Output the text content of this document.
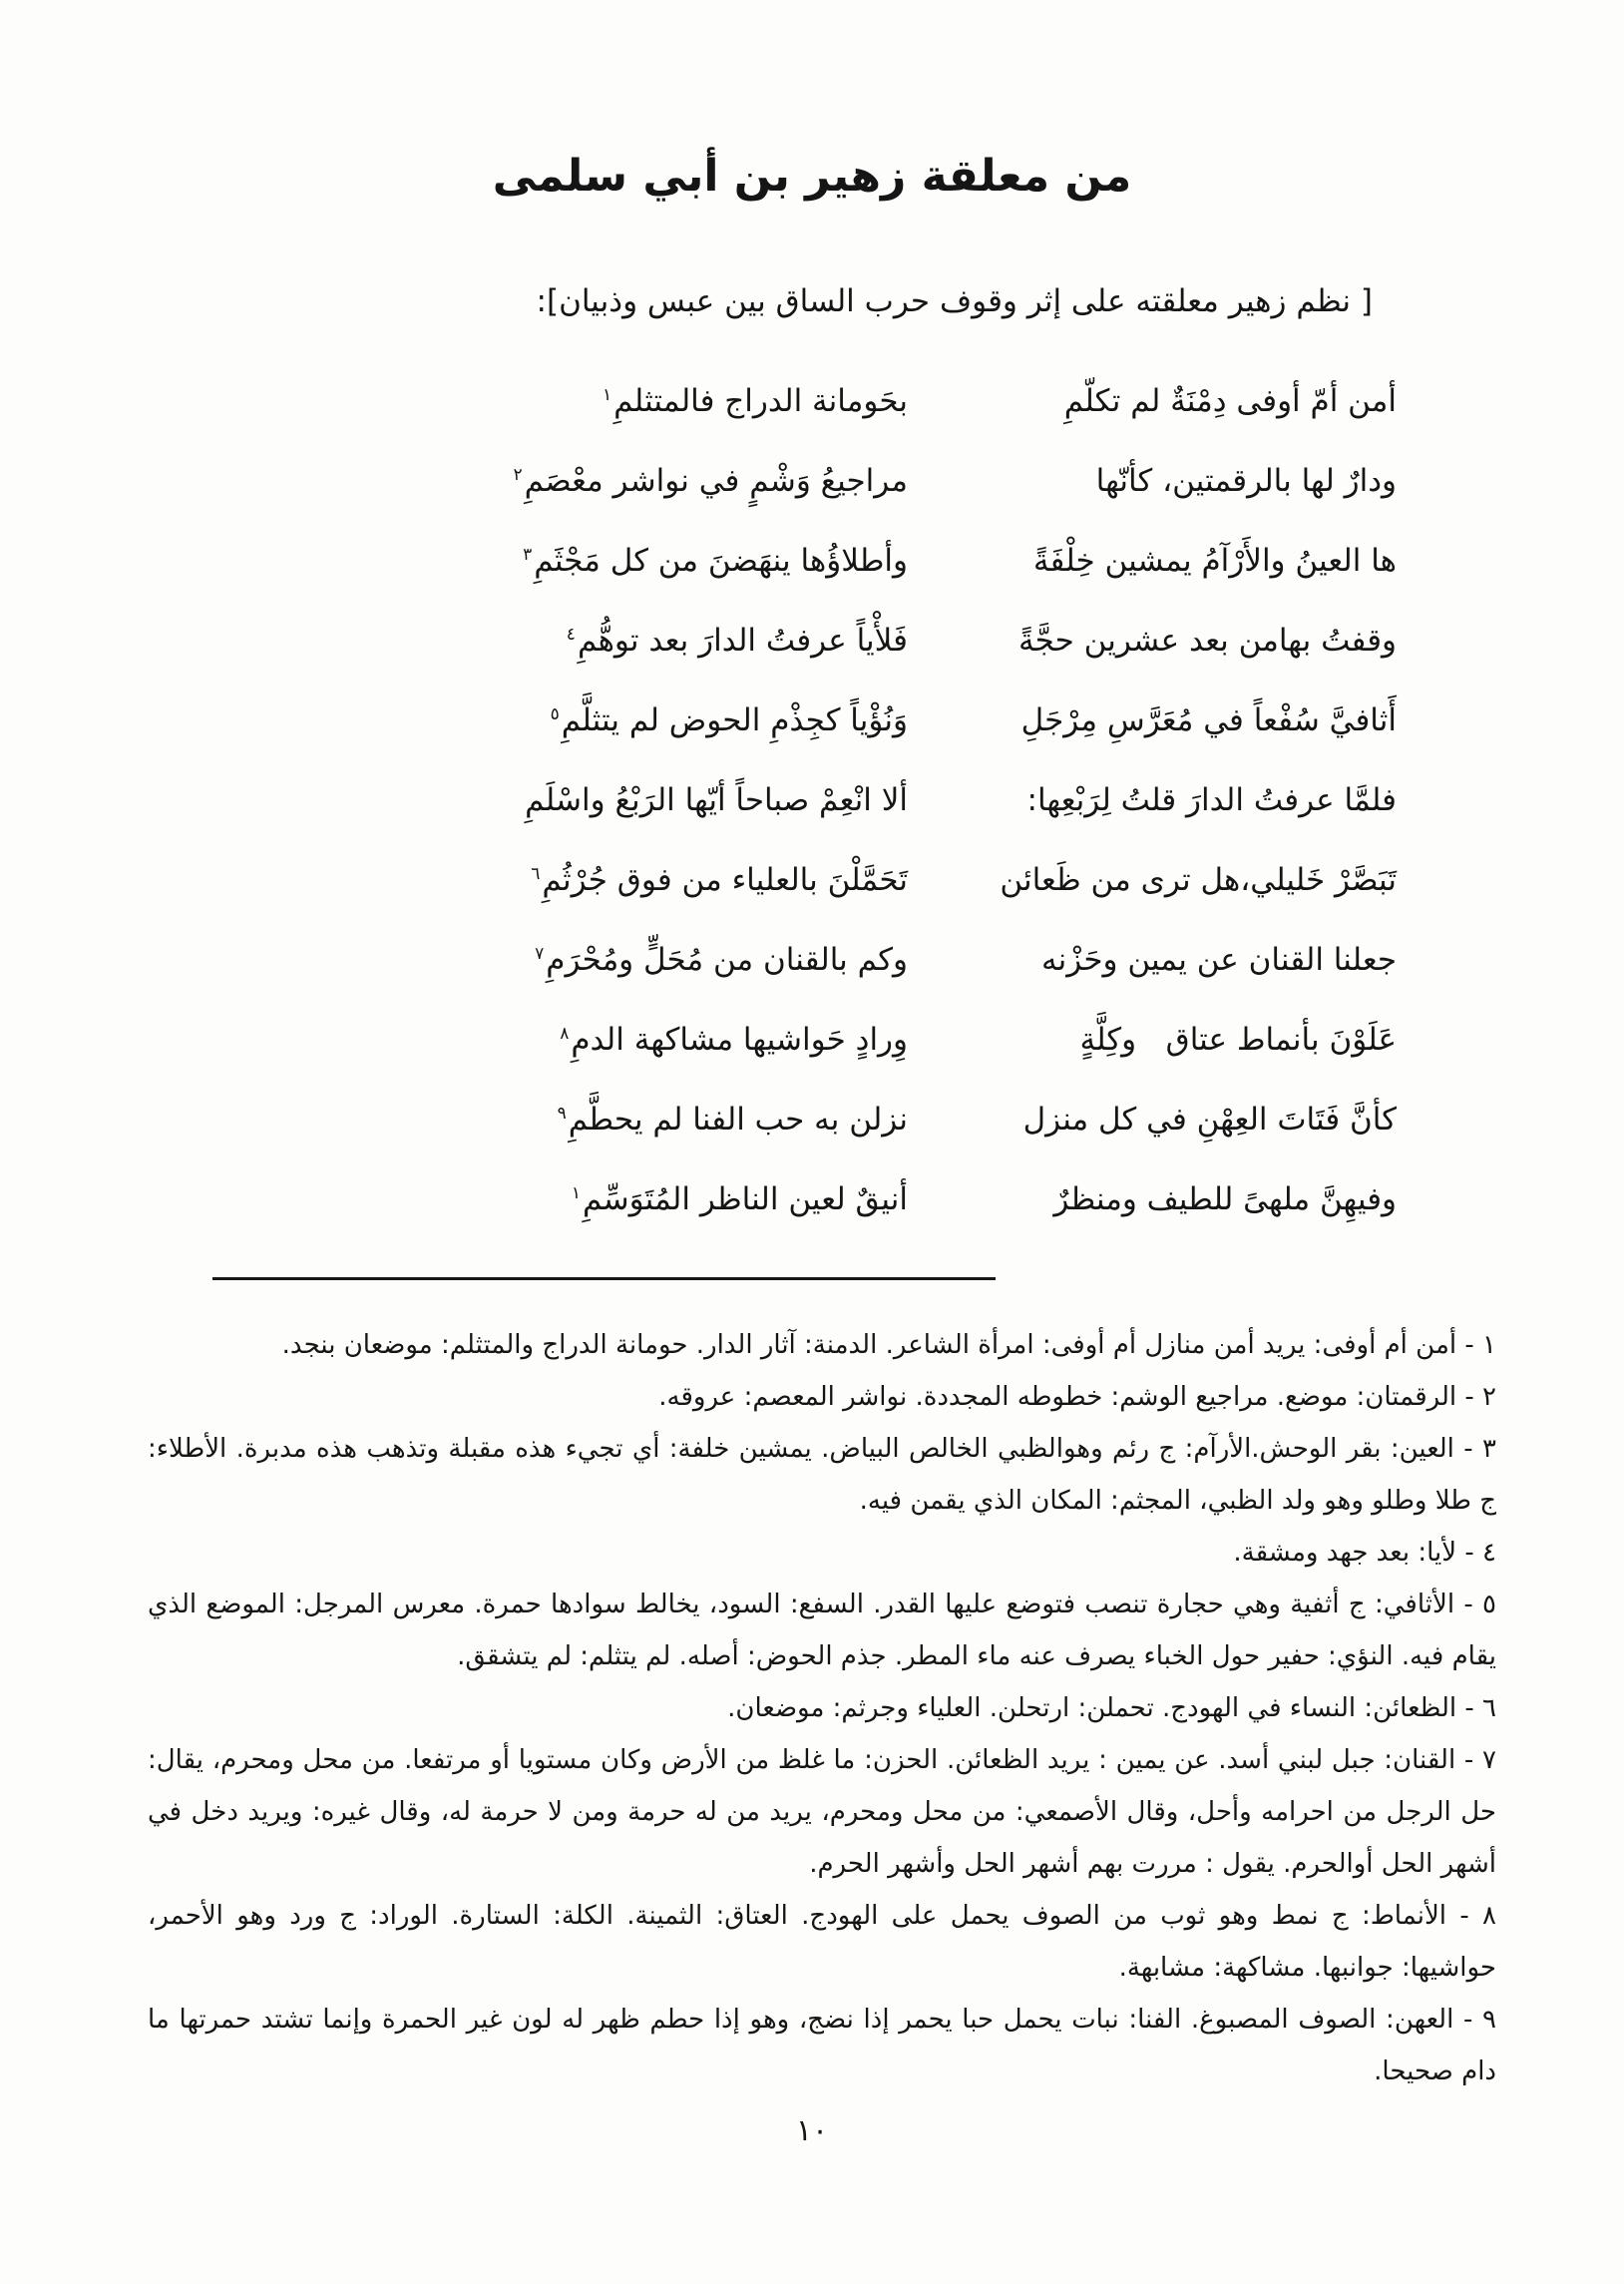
من معلقة زهير بن أبي سلمى
[ نظم زهير معلقته على إثر وقوف حرب الساق بين عبس وذبيان]:
أمن أمّ أوفى دِمْنَةٌ لم تكلّمِ
بحَومانة الدراج فالمتثلمِ$^١$
ودارٌ لها بالرقمتين، كأنّها
مراجيعُ وَشْمٍ في نواشر معْصَمِ$^٢$
ها العينُ والأَرْآمُ يمشين خِلْفَةً
وأطلاؤُها ينهَضنَ من كل مَجْثَمِ$^٣$
وقفتُ بهامن بعد عشرين حجَّةً
فَلأْياً عرفتُ الدارَ بعد توهُّمِ$^٤$
أَثافيَّ سُفْعاً في مُعَرَّسِ مِرْجَلِ
وَنُؤْياً كجِذْمِ الحوض لم يتثلَّمِ$^٥$
فلمَّا عرفتُ الدارَ قلتُ لِرَبْعِها:
ألا انْعِمْ صباحاً أيّها الرَبْعُ واسْلَمِ
تَبَصَّرْ خَليلي،هل ترى من ظَعائن
تَحَمَّلْنَ بالعلياء من فوق جُرْثُمِ$^٦$
جعلنا القنان عن يمين وحَزْنه
وكم بالقنان من مُحَلٍّ ومُحْرَمِ$^٧$
عَلَوْنَ بأنماط عتاق   وكِلَّةٍ
وِرادٍ حَواشيها مشاكهة الدمِ$^٨$
كأنَّ فَتَاتَ العِهْنِ في كل منزل
نزلن به حب الفنا لم يحطَّمِ$^٩$
وفيهِنَّ ملهىً للطيف ومنظرٌ
أنيقٌ لعين الناظر المُتَوَسِّمِ$^١$

١ - أمن أم أوفى: يريد أمن منازل أم أوفى: امرأة الشاعر. الدمنة: آثار الدار. حومانة الدراج والمتثلم: موضعان بنجد.

٢ - الرقمتان: موضع. مراجيع الوشم: خطوطه المجددة. نواشر المعصم: عروقه.

٣ - العين: بقر الوحش.الأرآم: ج رئم وهوالظبي الخالص البياض. يمشين خلفة: أي تجيء هذه مقبلة وتذهب هذه مدبرة. الأطلاء: ج طلا وطلو وهو ولد الظبي، المجثم: المكان الذي يقمن فيه.

٤ - لأيا: بعد جهد ومشقة.

٥ - الأثافي: ج أثفية وهي حجارة تنصب فتوضع عليها القدر. السفع: السود، يخالط سوادها حمرة. معرس المرجل: الموضع الذي يقام فيه. النؤي: حفير حول الخباء يصرف عنه ماء المطر. جذم الحوض: أصله. لم يتثلم: لم يتشقق.

٦ - الظعائن: النساء في الهودج. تحملن: ارتحلن. العلياء وجرثم: موضعان.

٧ - القنان: جبل لبني أسد. عن يمين : يريد الظعائن. الحزن: ما غلظ من الأرض وكان مستويا أو مرتفعا. من محل ومحرم، يقال: حل الرجل من احرامه وأحل، وقال الأصمعي: من محل ومحرم، يريد من له حرمة ومن لا حرمة له، وقال غيره: ويريد دخل في أشهر الحل أوالحرم. يقول : مررت بهم أشهر الحل وأشهر الحرم.

٨ - الأنماط: ج نمط وهو ثوب من الصوف يحمل على الهودج. العتاق: الثمينة. الكلة: الستارة. الوراد: ج ورد وهو الأحمر، حواشيها: جوانبها. مشاكهة: مشابهة.

٩ - العهن: الصوف المصبوغ. الفنا: نبات يحمل حبا يحمر إذا نضج، وهو إذا حطم ظهر له لون غير الحمرة وإنما تشتد حمرتها ما دام صحيحا.

١٠
